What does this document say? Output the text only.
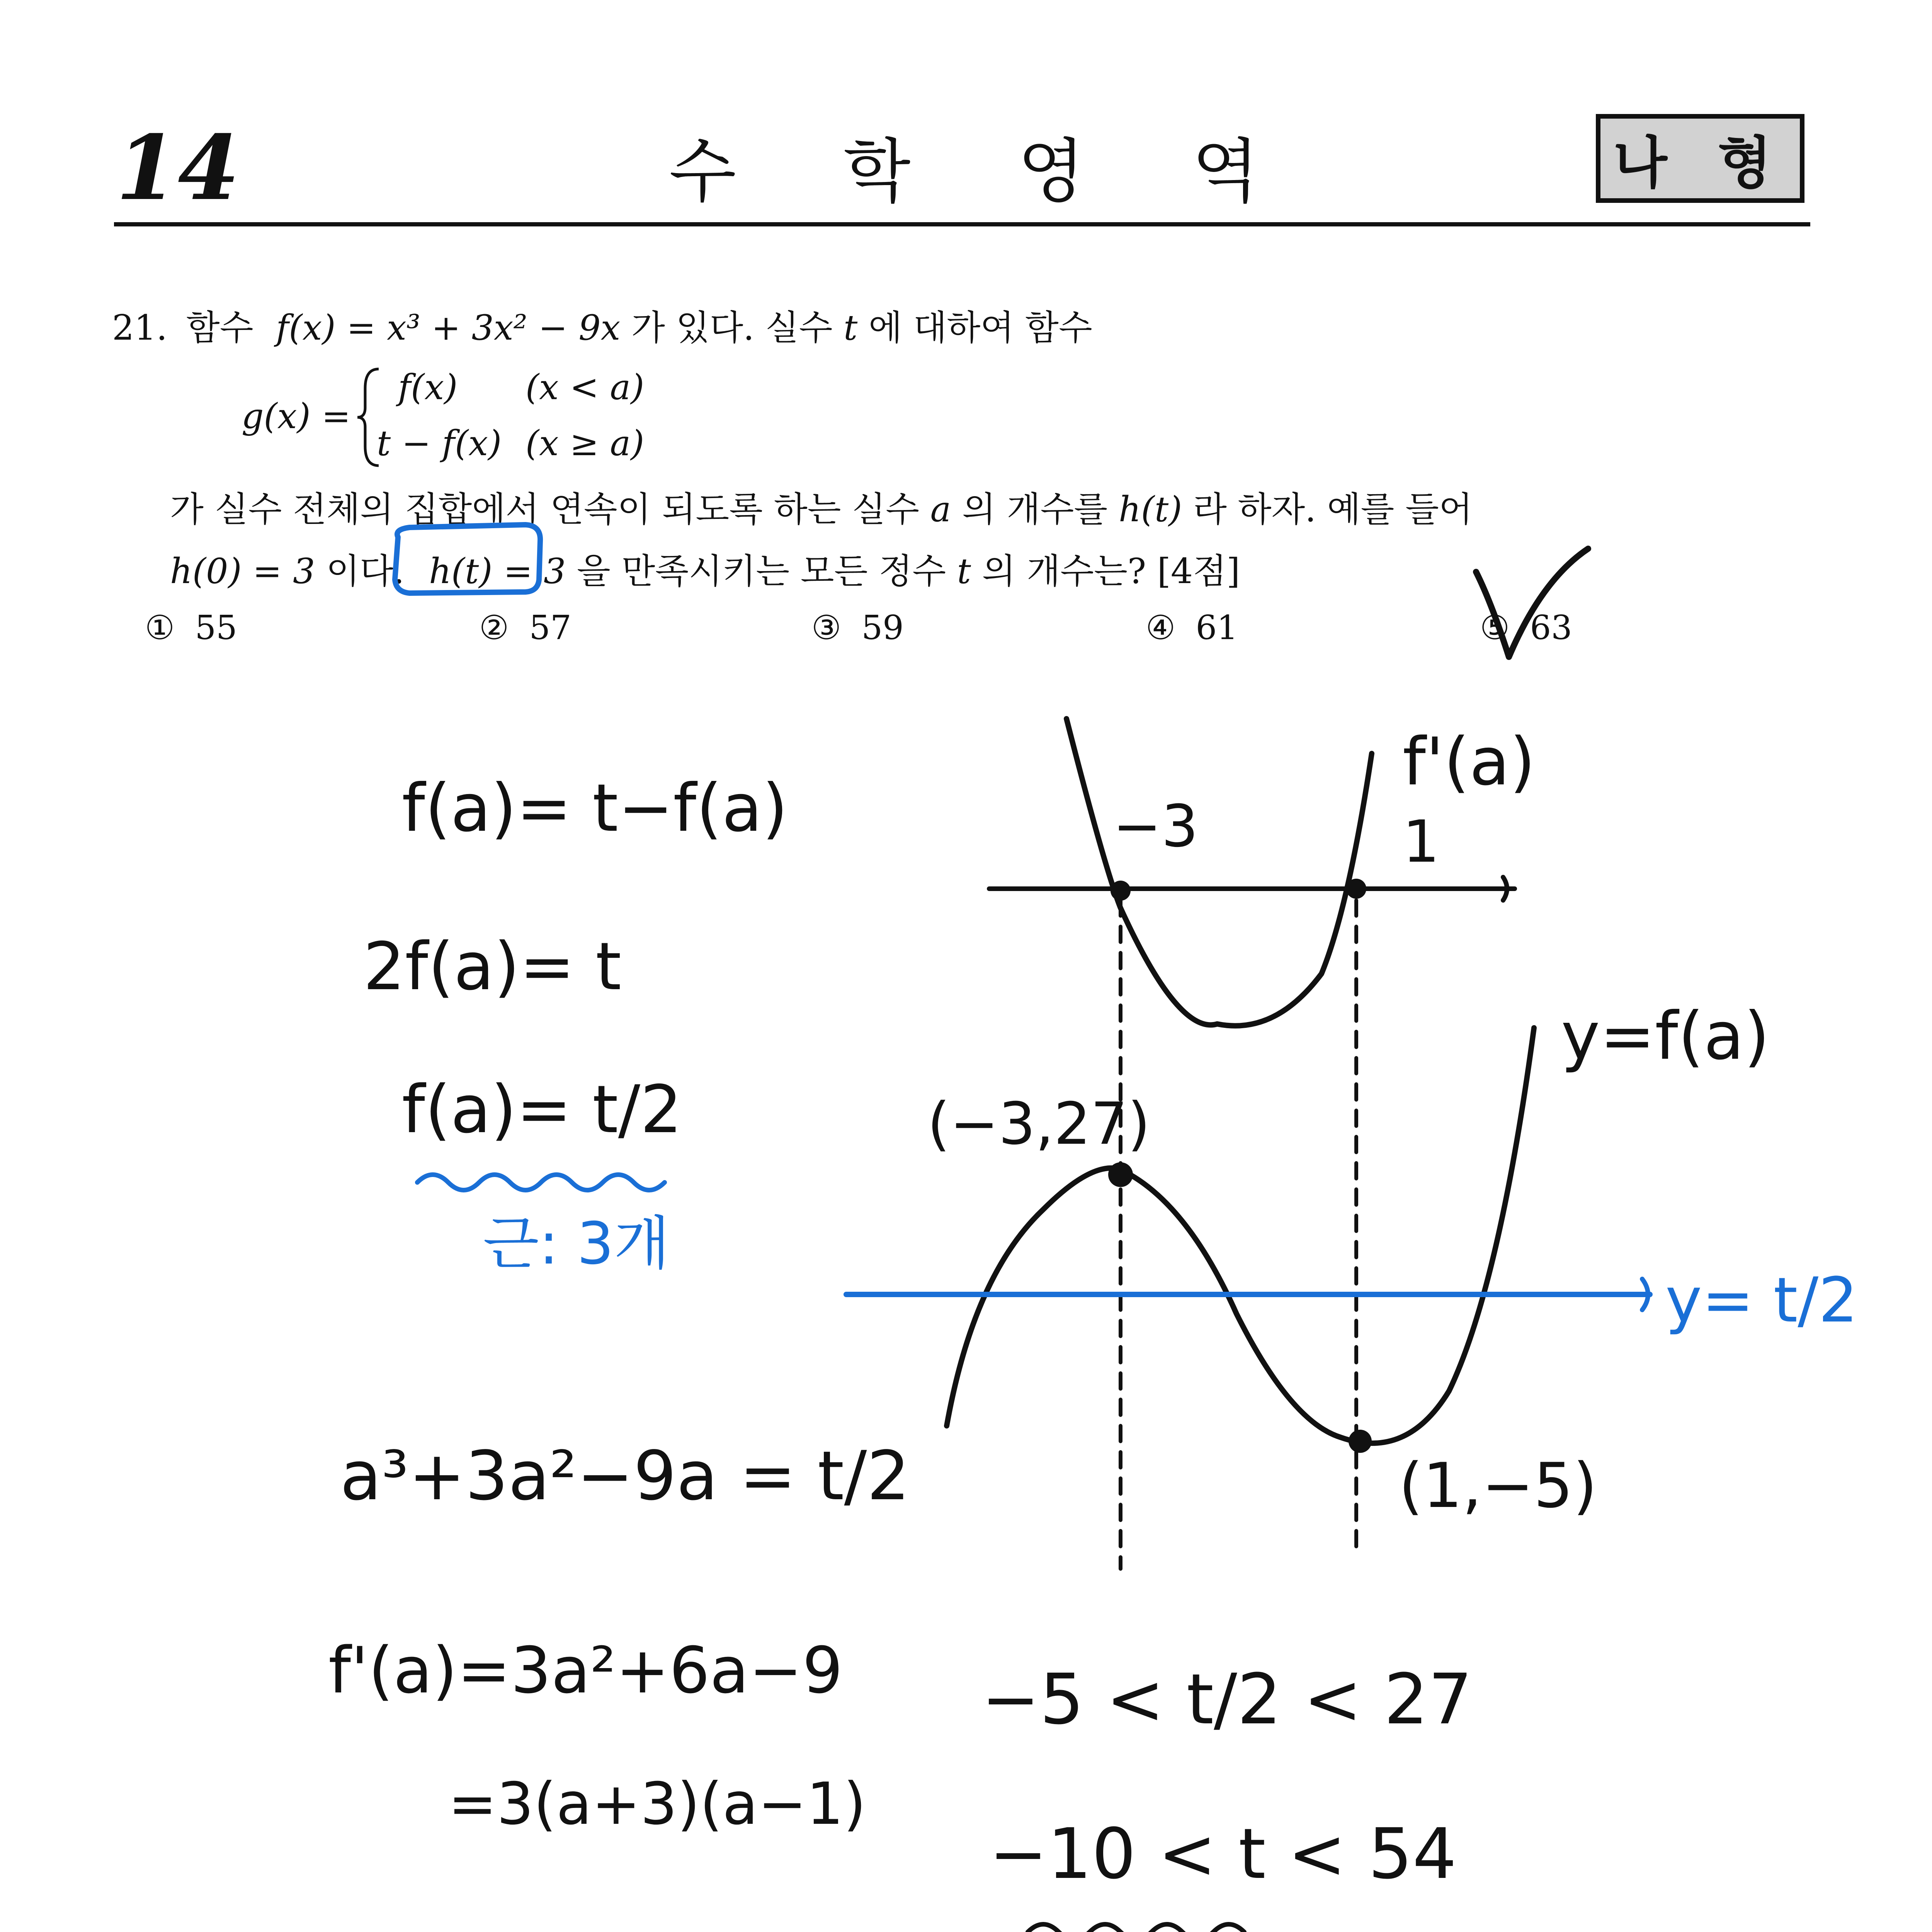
14	수 학 영 역	나 형
21. 함수 f(x) = x³ + 3x² − 9x 가 있다. 실수 t 에 대하여 함수
g(x) =
f(x) (x < a)
t − f(x) (x ≥ a)
가 실수 전체의 집합에서 연속이 되도록 하는 실수 a 의 개수를 h(t) 라 하자. 예를 들어
h(0) = 3 이다. h(t) = 3 을 만족시키는 모든 정수 t 의 개수는? [4점]
① 55	② 57	③ 59	④ 61	⑤ 63
f(a)= t−f(a)
2f(a)= t
f(a)= t/2
근: 3개
a³+3a²−9a = t/2
f'(a)=3a²+6a−9
=3(a+3)(a−1)
−3	1
f'(a)
(−3,27)
(1,−5)
y=f(a)
y= t/2
−5 < t/2 < 27
−10 < t < 54
